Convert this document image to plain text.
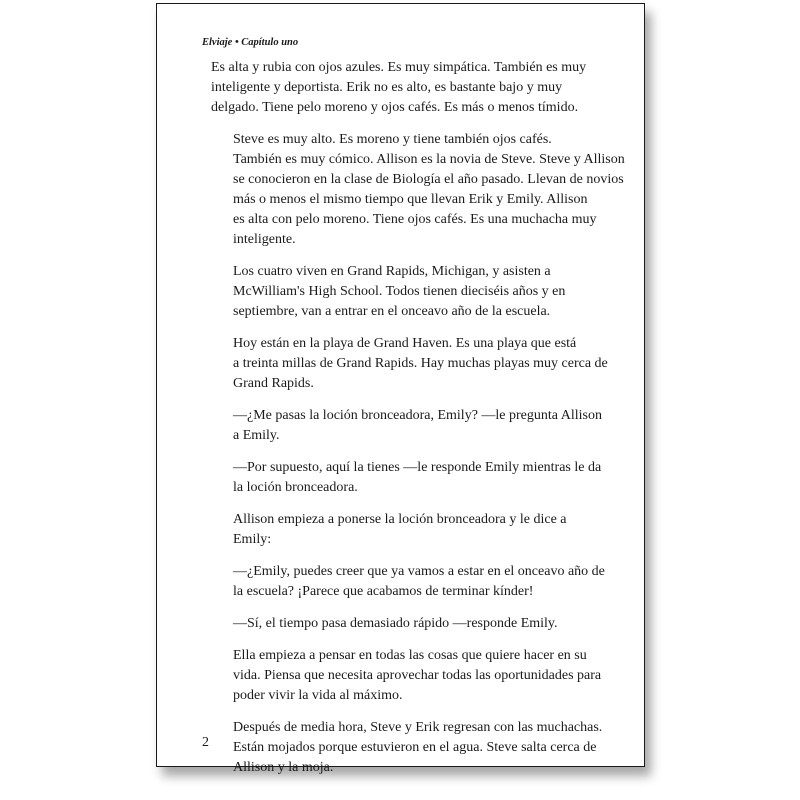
Elviaje • Capítulo uno
Es alta y rubia con ojos azules. Es muy simpática. También es muy
inteligente y deportista. Erik no es alto, es bastante bajo y muy
delgado. Tiene pelo moreno y ojos cafés. Es más o menos tímido.
Steve es muy alto. Es moreno y tiene también ojos cafés.
También es muy cómico. Allison es la novia de Steve. Steve y Allison
se conocieron en la clase de Biología el año pasado. Llevan de novios
más o menos el mismo tiempo que llevan Erik y Emily. Allison
es alta con pelo moreno. Tiene ojos cafés. Es una muchacha muy
inteligente.
Los cuatro viven en Grand Rapids, Michigan, y asisten a
McWilliam's High School. Todos tienen dieciséis años y en
septiembre, van a entrar en el onceavo año de la escuela.
Hoy están en la playa de Grand Haven. Es una playa que está
a treinta millas de Grand Rapids. Hay muchas playas muy cerca de
Grand Rapids.
—¿Me pasas la loción bronceadora, Emily? —le pregunta Allison
a Emily.
—Por supuesto, aquí la tienes —le responde Emily mientras le da
la loción bronceadora.
Allison empieza a ponerse la loción bronceadora y le dice a
Emily:
—¿Emily, puedes creer que ya vamos a estar en el onceavo año de
la escuela? ¡Parece que acabamos de terminar kínder!
—Sí, el tiempo pasa demasiado rápido —responde Emily.
Ella empieza a pensar en todas las cosas que quiere hacer en su
vida. Piensa que necesita aprovechar todas las oportunidades para
poder vivir la vida al máximo.
Después de media hora, Steve y Erik regresan con las muchachas.
Están mojados porque estuvieron en el agua. Steve salta cerca de
Allison y la moja.
2
